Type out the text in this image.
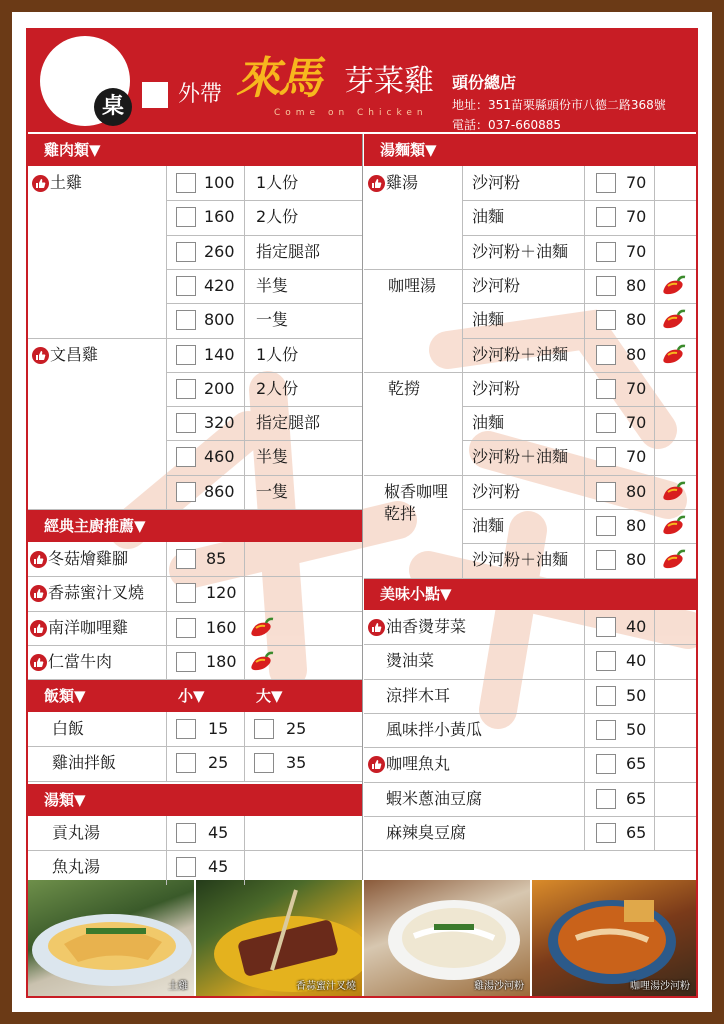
桌	外帶 來馬 芽菜雞
Come on Chicken
頭份總店
地址：351苗栗縣頭份市八德二路368號
電話：037-660885
雞肉類▼
土雞	100 1人份
160 2人份
260 指定腿部
420 半隻
800 一隻
文昌雞	140 1人份
200 2人份
320 指定腿部
460 半隻
860 一隻
經典主廚推薦▼
冬菇燴雞腳	85
香蒜蜜汁叉燒	120
南洋咖哩雞	160
仁當牛肉	180
飯類▼	小▼	大▼
白飯	15	25
雞油拌飯	25	35
湯類▼
貢丸湯	45
魚丸湯	45
湯麵類▼
雞湯	沙河粉	70
油麵	70
沙河粉＋油麵	70
咖哩湯 沙河粉	80
油麵	80
沙河粉＋油麵	80
乾撈	沙河粉	70
油麵	70
沙河粉＋油麵	70
椒香咖哩
乾拌
沙河粉	80
油麵	80
沙河粉＋油麵	80
美味小點▼
油香燙芽菜	40
燙油菜	40
涼拌木耳	50
風味拌小黃瓜	50
咖哩魚丸	65
蝦米蔥油豆腐	65
麻辣臭豆腐	65
土雞	香蒜蜜汁叉燒	雞湯沙河粉	咖哩湯沙河粉
